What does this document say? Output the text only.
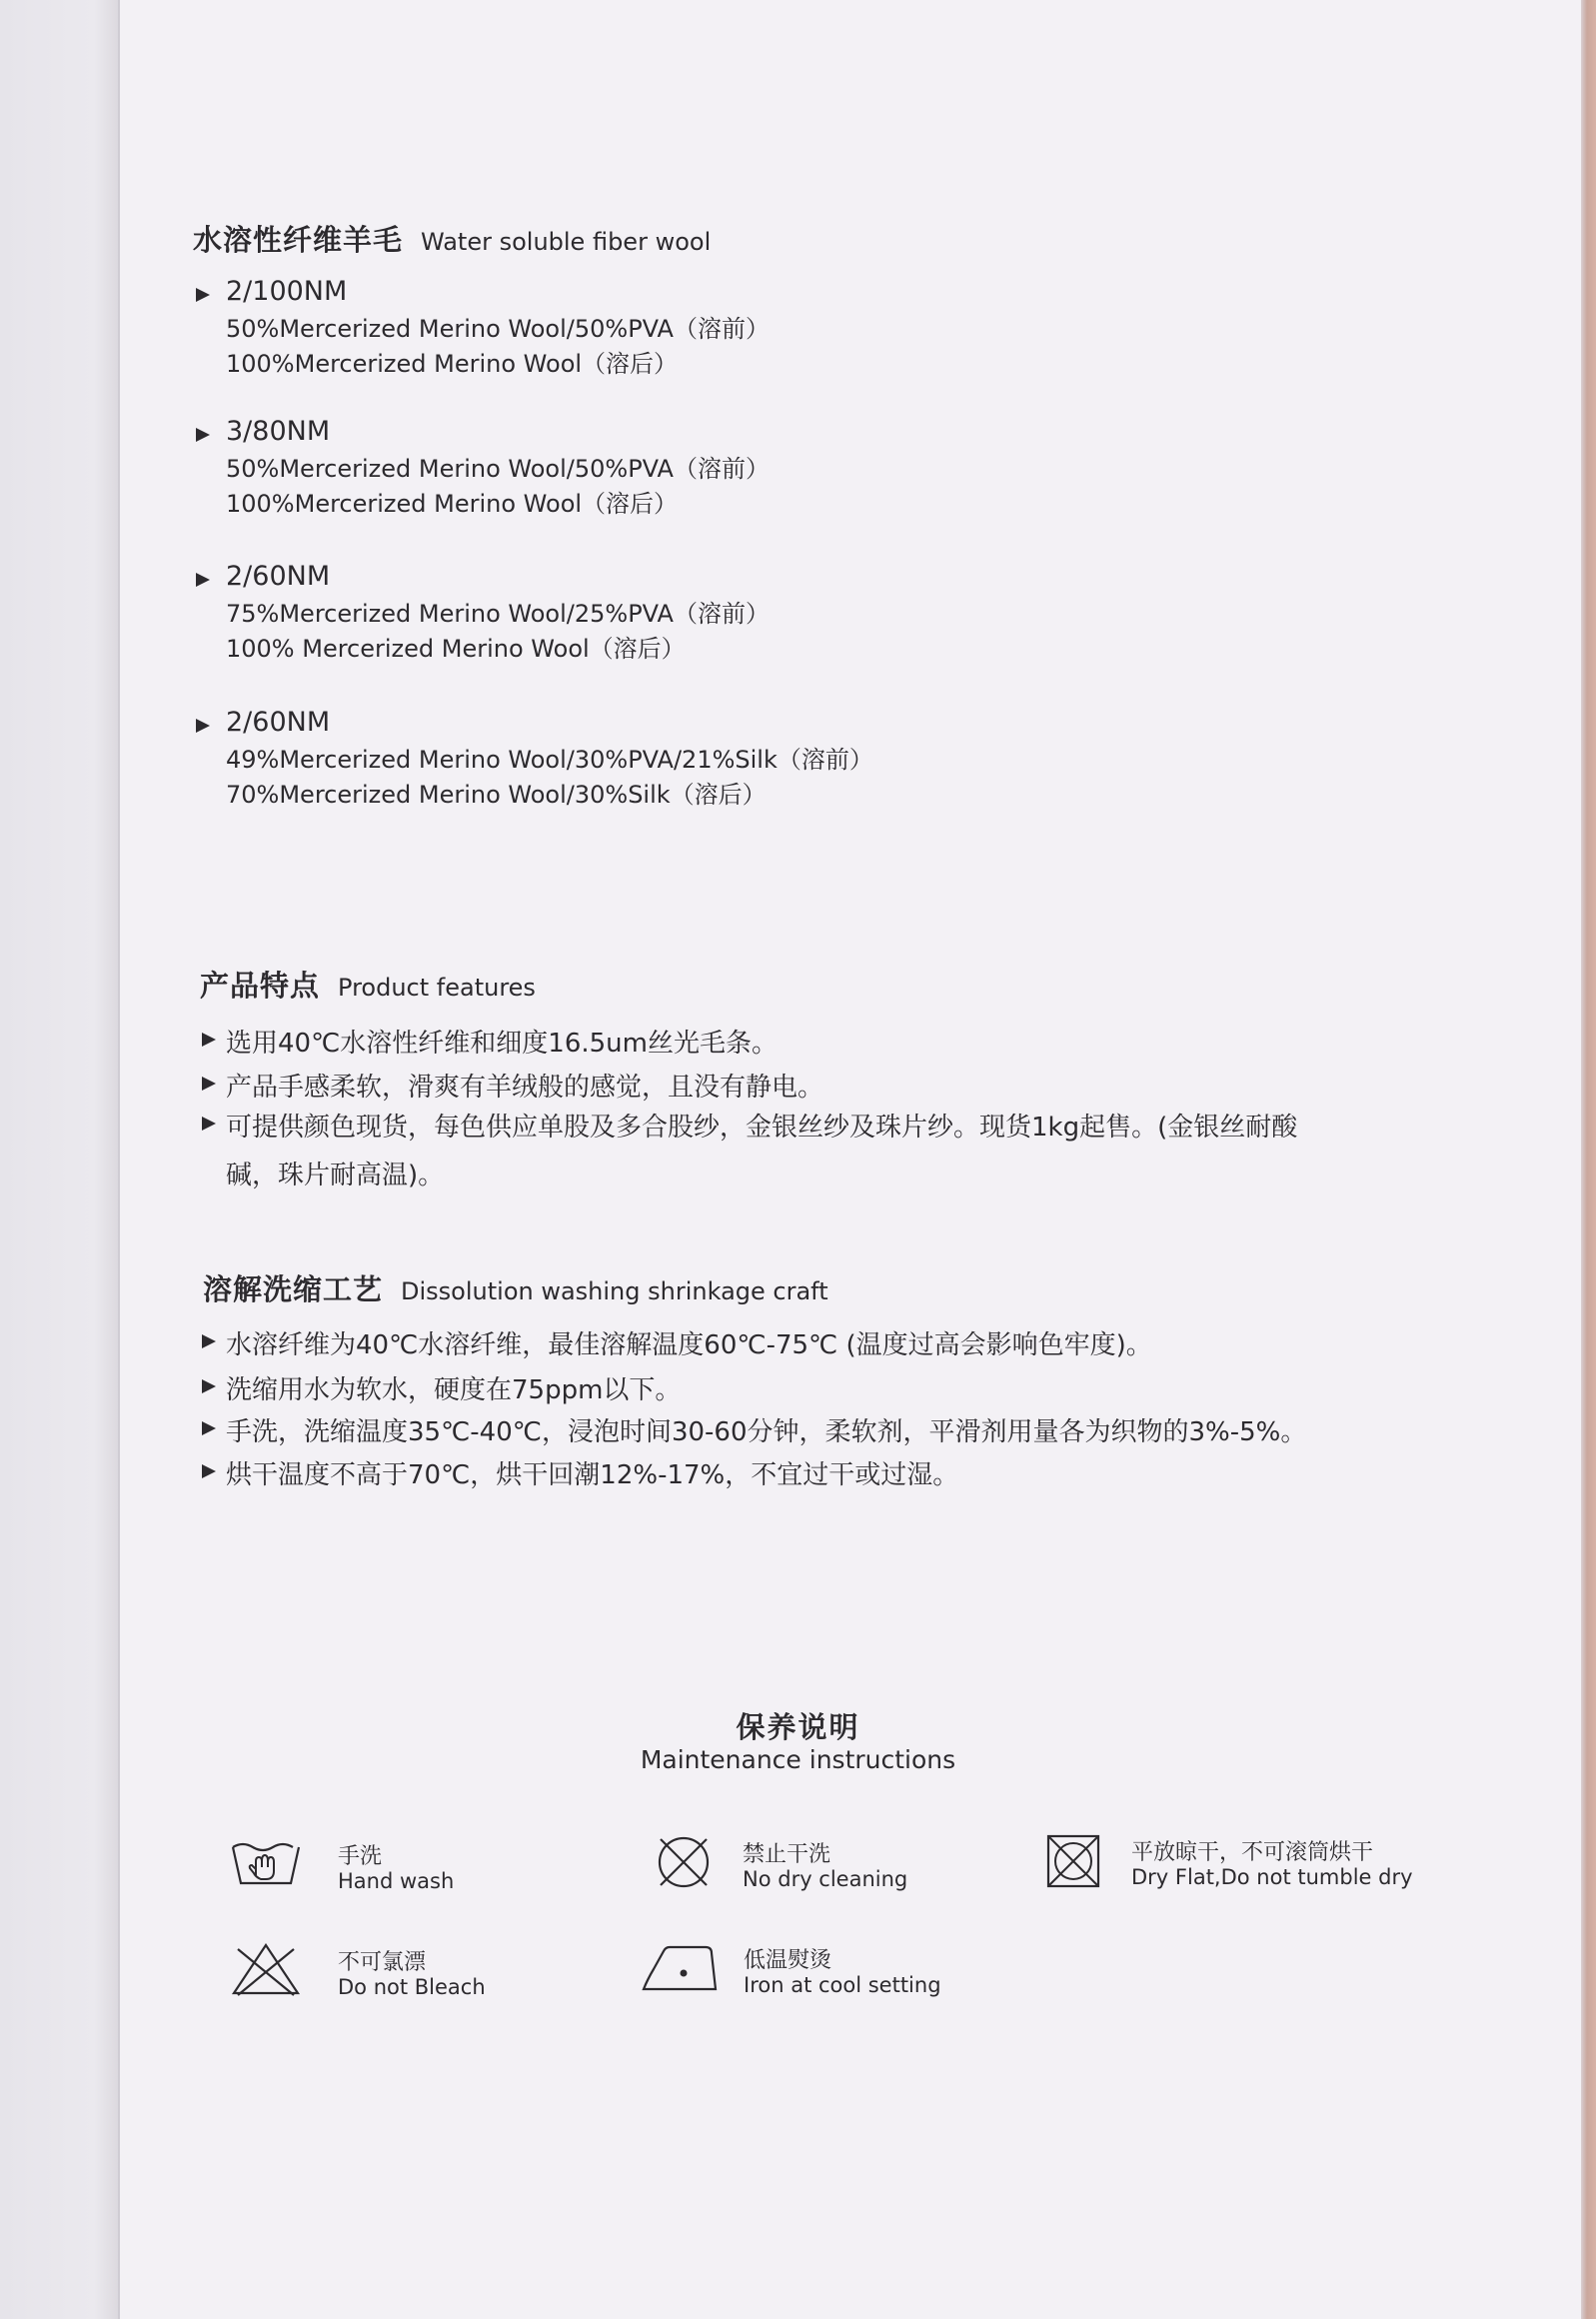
水溶性纤维羊毛 Water soluble fiber wool
2/100NM
50%Mercerized Merino Wool/50%PVA（溶前）
100%Mercerized Merino Wool（溶后）
3/80NM
50%Mercerized Merino Wool/50%PVA（溶前）
100%Mercerized Merino Wool（溶后）
2/60NM
75%Mercerized Merino Wool/25%PVA（溶前）
100% Mercerized Merino Wool（溶后）
2/60NM
49%Mercerized Merino Wool/30%PVA/21%Silk（溶前）
70%Mercerized Merino Wool/30%Silk（溶后）
产品特点 Product features
选用40℃水溶性纤维和细度16.5um丝光毛条。
产品手感柔软，滑爽有羊绒般的感觉，且没有静电。
可提供颜色现货，每色供应单股及多合股纱，金银丝纱及珠片纱。现货1kg起售。(金银丝耐酸
碱，珠片耐高温)。
溶解洗缩工艺 Dissolution washing shrinkage craft
水溶纤维为40℃水溶纤维，最佳溶解温度60℃-75℃ (温度过高会影响色牢度)。
洗缩用水为软水，硬度在75ppm以下。
手洗，洗缩温度35℃-40℃，浸泡时间30-60分钟，柔软剂，平滑剂用量各为织物的3%-5%。
烘干温度不高于70℃，烘干回潮12%-17%，不宜过干或过湿。
保养说明
Maintenance instructions
手洗
Hand wash
禁止干洗
No dry cleaning
平放晾干，不可滚筒烘干
Dry Flat,Do not tumble dry
不可氯漂
Do not Bleach
低温熨烫
Iron at cool setting
